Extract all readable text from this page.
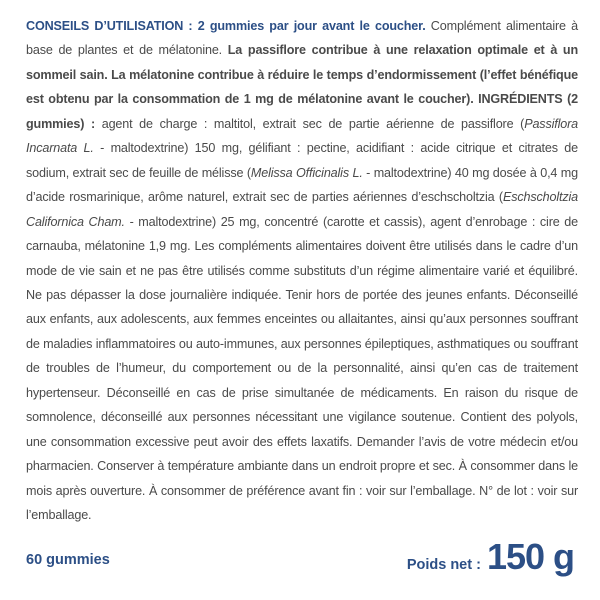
CONSEILS D’UTILISATION : 2 gummies par jour avant le coucher. Complément alimentaire à base de plantes et de mélatonine. La passiflore contribue à une relaxation optimale et à un sommeil sain. La mélatonine contribue à réduire le temps d’endormissement (l’effet bénéfique est obtenu par la consommation de 1 mg de mélatonine avant le coucher). INGRÉDIENTS (2 gummies) : agent de charge : maltitol, extrait sec de partie aérienne de passiflore (Passiflora Incarnata L. - maltodextrine) 150 mg, gélifiant : pectine, acidifiant : acide citrique et citrates de sodium, extrait sec de feuille de mélisse (Melissa Officinalis L. - maltodextrine) 40 mg dosée à 0,4 mg d’acide rosmarinique, arôme naturel, extrait sec de parties aériennes d’eschscholtzia (Eschscholtzia Californica Cham. - maltodextrine) 25 mg, concentré (carotte et cassis), agent d’enrobage : cire de carnauba, mélatonine 1,9 mg. Les compléments alimentaires doivent être utilisés dans le cadre d’un mode de vie sain et ne pas être utilisés comme substituts d’un régime alimentaire varié et équilibré. Ne pas dépasser la dose journalière indiquée. Tenir hors de portée des jeunes enfants. Déconseillé aux enfants, aux adolescents, aux femmes enceintes ou allaitantes, ainsi qu’aux personnes souffrant de maladies inflammatoires ou auto-immunes, aux personnes épileptiques, asthmatiques ou souffrant de troubles de l’humeur, du comportement ou de la personnalité, ainsi qu’en cas de traitement hypertenseur. Déconseillé en cas de prise simultanée de médicaments. En raison du risque de somnolence, déconseillé aux personnes nécessitant une vigilance soutenue. Contient des polyols, une consommation excessive peut avoir des effets laxatifs. Demander l’avis de votre médecin et/ou pharmacien. Conserver à température ambiante dans un endroit propre et sec. À consommer dans le mois après ouverture. À consommer de préférence avant fin : voir sur l’emballage. N° de lot : voir sur l’emballage.
60 gummies	Poids net : 150 g
